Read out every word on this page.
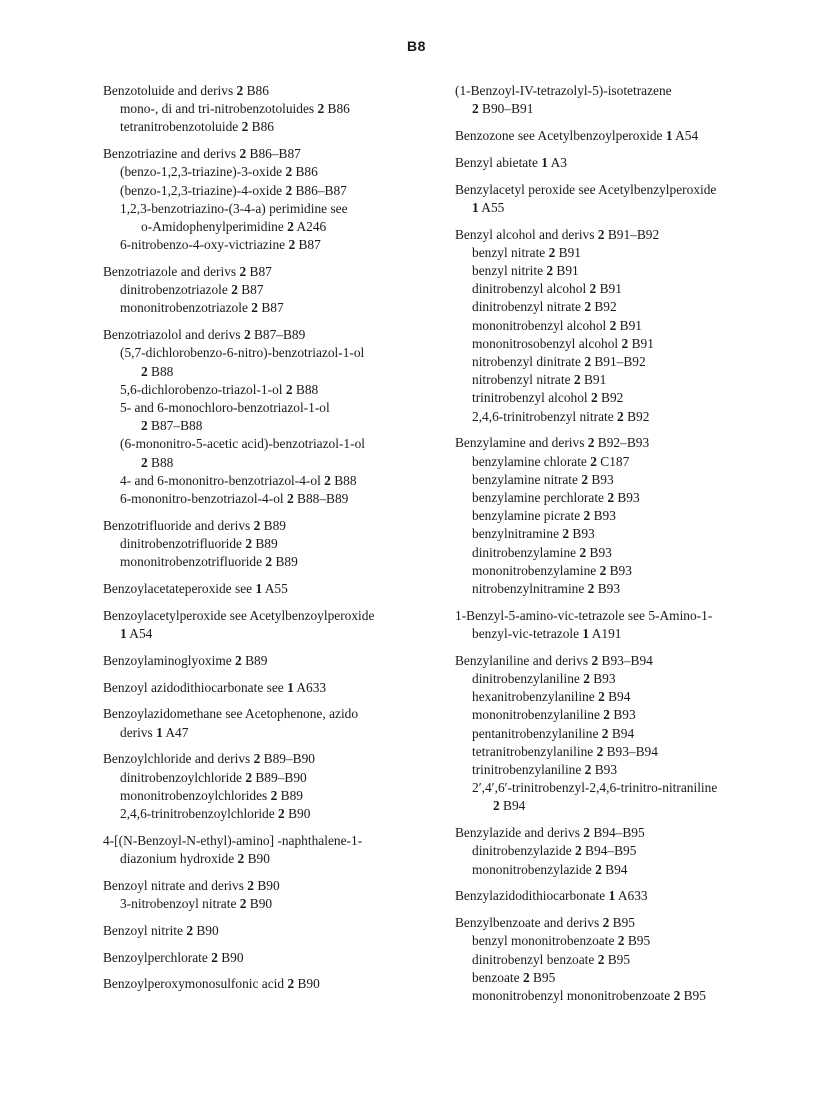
B8
Benzotoluide and derivs 2 B86
mono-, di and tri-nitrobenzotoluides 2 B86
tetranitrobenzotoluide 2 B86
Benzotriazine and derivs 2 B86–B87
(benzo-1,2,3-triazine)-3-oxide 2 B86
(benzo-1,2,3-triazine)-4-oxide 2 B86–B87
1,2,3-benzotriazino-(3-4-a) perimidine see
o-Amidophenylperimidine 2 A246
6-nitrobenzo-4-oxy-victriazine 2 B87
Benzotriazole and derivs 2 B87
dinitrobenzotriazole 2 B87
mononitrobenzotriazole 2 B87
Benzotriazolol and derivs 2 B87–B89
(5,7-dichlorobenzo-6-nitro)-benzotriazol-1-ol
2 B88
5,6-dichlorobenzo-triazol-1-ol 2 B88
5- and 6-monochloro-benzotriazol-1-ol
2 B87–B88
(6-mononitro-5-acetic acid)-benzotriazol-1-ol
2 B88
4- and 6-mononitro-benzotriazol-4-ol 2 B88
6-mononitro-benzotriazol-4-ol 2 B88–B89
Benzotrifluoride and derivs 2 B89
dinitrobenzotrifluoride 2 B89
mononitrobenzotrifluoride 2 B89
Benzoylacetateperoxide see 1 A55
Benzoylacetylperoxide see Acetylbenzoylperoxide
1 A54
Benzoylaminoglyoxime 2 B89
Benzoyl azidodithiocarbonate see 1 A633
Benzoylazidomethane see Acetophenone, azido
derivs 1 A47
Benzoylchloride and derivs 2 B89–B90
dinitrobenzoylchloride 2 B89–B90
mononitrobenzoylchlorides 2 B89
2,4,6-trinitrobenzoylchloride 2 B90
4-[(N-Benzoyl-N-ethyl)-amino] -naphthalene-1-
diazonium hydroxide 2 B90
Benzoyl nitrate and derivs 2 B90
3-nitrobenzoyl nitrate 2 B90
Benzoyl nitrite 2 B90
Benzoylperchlorate 2 B90
Benzoylperoxymonosulfonic acid 2 B90
(1-Benzoyl-IV-tetrazolyl-5)-isotetrazene
2 B90–B91
Benzozone see Acetylbenzoylperoxide 1 A54
Benzyl abietate 1 A3
Benzylacetyl peroxide see Acetylbenzylperoxide
1 A55
Benzyl alcohol and derivs 2 B91–B92
benzyl nitrate 2 B91
benzyl nitrite 2 B91
dinitrobenzyl alcohol 2 B91
dinitrobenzyl nitrate 2 B92
mononitrobenzyl alcohol 2 B91
mononitrosobenzyl alcohol 2 B91
nitrobenzyl dinitrate 2 B91–B92
nitrobenzyl nitrate 2 B91
trinitrobenzyl alcohol 2 B92
2,4,6-trinitrobenzyl nitrate 2 B92
Benzylamine and derivs 2 B92–B93
benzylamine chlorate 2 C187
benzylamine nitrate 2 B93
benzylamine perchlorate 2 B93
benzylamine picrate 2 B93
benzylnitramine 2 B93
dinitrobenzylamine 2 B93
mononitrobenzylamine 2 B93
nitrobenzylnitramine 2 B93
1-Benzyl-5-amino-vic-tetrazole see 5-Amino-1-
benzyl-vic-tetrazole 1 A191
Benzylaniline and derivs 2 B93–B94
dinitrobenzylaniline 2 B93
hexanitrobenzylaniline 2 B94
mononitrobenzylaniline 2 B93
pentanitrobenzylaniline 2 B94
tetranitrobenzylaniline 2 B93–B94
trinitrobenzylaniline 2 B93
2′,4′,6′-trinitrobenzyl-2,4,6-trinitro-nitraniline
2 B94
Benzylazide and derivs 2 B94–B95
dinitrobenzylazide 2 B94–B95
mononitrobenzylazide 2 B94
Benzylazidodithiocarbonate 1 A633
Benzylbenzoate and derivs 2 B95
benzyl mononitrobenzoate 2 B95
dinitrobenzyl benzoate 2 B95
benzoate 2 B95
mononitrobenzyl mononitrobenzoate 2 B95
